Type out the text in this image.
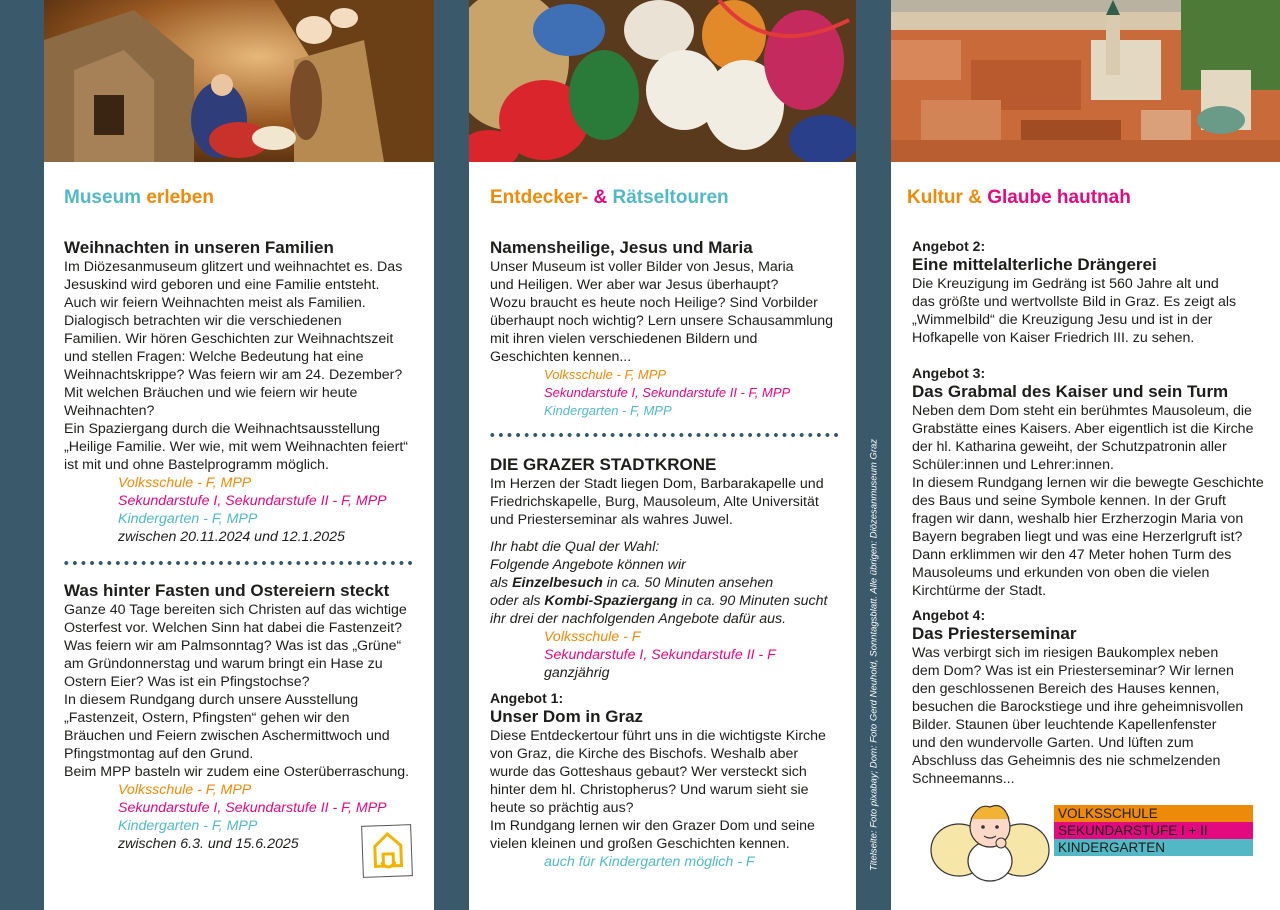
Museum erleben
Weihnachten in unseren Familien
Im Diözesanmuseum glitzert und weihnachtet es. Das
Jesuskind wird geboren und eine Familie entsteht.
Auch wir feiern Weihnachten meist als Familien.
Dialogisch betrachten wir die verschiedenen
Familien. Wir hören Geschichten zur Weihnachtszeit
und stellen Fragen: Welche Bedeutung hat eine
Weihnachtskrippe? Was feiern wir am 24. Dezember?
Mit welchen Bräuchen und wie feiern wir heute
Weihnachten?
Ein Spaziergang durch die Weihnachtsausstellung
„Heilige Familie. Wer wie, mit wem Weihnachten feiert“
ist mit und ohne Bastelprogramm möglich.
Volksschule - F, MPP
Sekundarstufe I, Sekundarstufe II - F, MPP
Kindergarten - F, MPP
zwischen 20.11.2024 und 12.1.2025
Was hinter Fasten und Ostereiern steckt
Ganze 40 Tage bereiten sich Christen auf das wichtige
Osterfest vor. Welchen Sinn hat dabei die Fastenzeit?
Was feiern wir am Palmsonntag? Was ist das „Grüne“
am Gründonnerstag und warum bringt ein Hase zu
Ostern Eier? Was ist ein Pfingstochse?
In diesem Rundgang durch unsere Ausstellung
„Fastenzeit, Ostern, Pfingsten“ gehen wir den
Bräuchen und Feiern zwischen Aschermittwoch und
Pfingstmontag auf den Grund.
Beim MPP basteln wir zudem eine Osterüberraschung.
Volksschule - F, MPP
Sekundarstufe I, Sekundarstufe II - F, MPP
Kindergarten - F, MPP
zwischen 6.3. und 15.6.2025
Entdecker- & Rätseltouren
Namensheilige, Jesus und Maria
Unser Museum ist voller Bilder von Jesus, Maria
und Heiligen. Wer aber war Jesus überhaupt?
Wozu braucht es heute noch Heilige? Sind Vorbilder
überhaupt noch wichtig? Lern unsere Schausammlung
mit ihren vielen verschiedenen Bildern und
Geschichten kennen...
Volksschule - F, MPP
Sekundarstufe I, Sekundarstufe II - F, MPP
Kindergarten - F, MPP
DIE GRAZER STADTKRONE
Im Herzen der Stadt liegen Dom, Barbarakapelle und
Friedrichskapelle, Burg, Mausoleum, Alte Universität
und Priesterseminar als wahres Juwel.
Ihr habt die Qual der Wahl:
Folgende Angebote können wir
als Einzelbesuch in ca. 50 Minuten ansehen
oder als Kombi-Spaziergang in ca. 90 Minuten sucht
ihr drei der nachfolgenden Angebote dafür aus.
Volksschule - F
Sekundarstufe I, Sekundarstufe II - F
ganzjährig
Angebot 1:
Unser Dom in Graz
Diese Entdeckertour führt uns in die wichtigste Kirche
von Graz, die Kirche des Bischofs. Weshalb aber
wurde das Gotteshaus gebaut? Wer versteckt sich
hinter dem hl. Christopherus? Und warum sieht sie
heute so prächtig aus?
Im Rundgang lernen wir den Grazer Dom und seine
vielen kleinen und großen Geschichten kennen.
auch für Kindergarten möglich - F	Titelseite: Foto pixabay; Dom: Foto Gerd Neuhold, Sonntagsblatt. Alle übrigen: Diözesanmuseum Graz
Kultur & Glaube hautnah
Angebot 2:
Eine mittelalterliche Drängerei
Die Kreuzigung im Gedräng ist 560 Jahre alt und
das größte und wertvollste Bild in Graz. Es zeigt als
„Wimmelbild“ die Kreuzigung Jesu und ist in der
Hofkapelle von Kaiser Friedrich III. zu sehen.
Angebot 3:
Das Grabmal des Kaiser und sein Turm
Neben dem Dom steht ein berühmtes Mausoleum, die
Grabstätte eines Kaisers. Aber eigentlich ist die Kirche
der hl. Katharina geweiht, der Schutzpatronin aller
Schüler:innen und Lehrer:innen.
In diesem Rundgang lernen wir die bewegte Geschichte
des Baus und seine Symbole kennen. In der Gruft
fragen wir dann, weshalb hier Erzherzogin Maria von
Bayern begraben liegt und was eine Herzerlgruft ist?
Dann erklimmen wir den 47 Meter hohen Turm des
Mausoleums und erkunden von oben die vielen
Kirchtürme der Stadt.
Angebot 4:
Das Priesterseminar
Was verbirgt sich im riesigen Baukomplex neben
dem Dom? Was ist ein Priesterseminar? Wir lernen
den geschlossenen Bereich des Hauses kennen,
besuchen die Barockstiege und ihre geheimnisvollen
Bilder. Staunen über leuchtende Kapellenfenster
und den wundervolle Garten. Und lüften zum
Abschluss das Geheimnis des nie schmelzenden
Schneemanns...
VOLKSSCHULE
SEKUNDARSTUFE I + II
KINDERGARTEN
